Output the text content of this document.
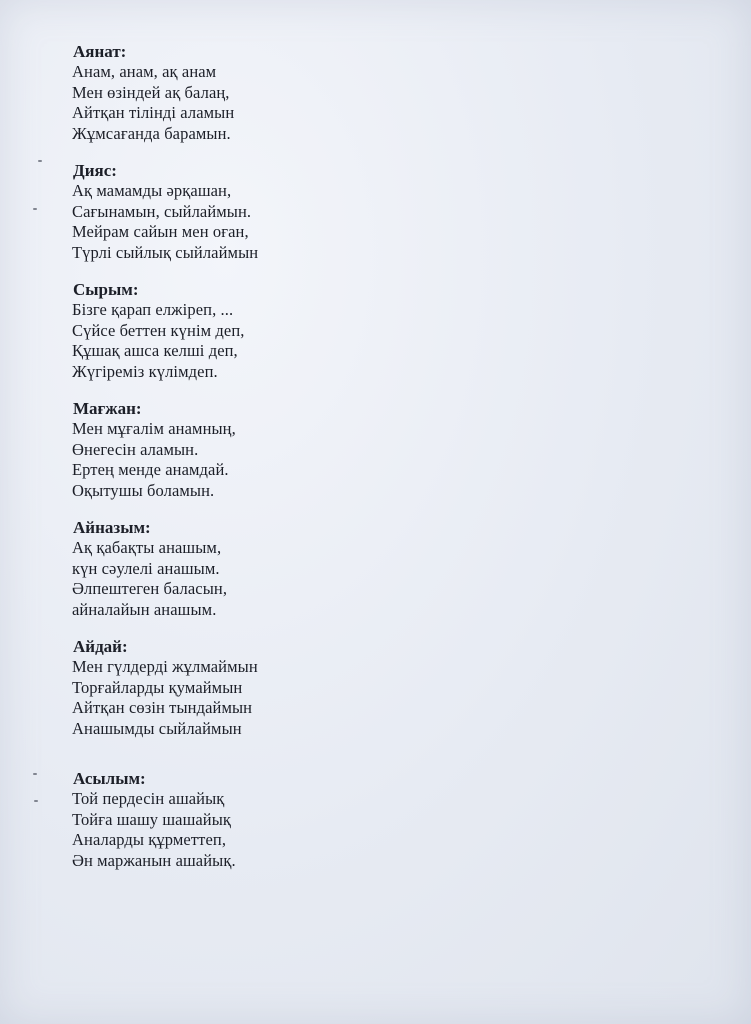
Аянат:
Анам, анам, ақ анам
Мен өзіндей ақ балаң,
Айтқан тілінді аламын
Жұмсағанда барамын.
Дияс:
Ақ мамамды әрқашан,
Сағынамын, сыйлаймын.
Мейрам сайын мен оған,
Түрлі сыйлық сыйлаймын
Сырым:
Бізге қарап елжіреп, ...
Сүйсе беттен күнім деп,
Құшақ ашса келші деп,
Жүгіреміз күлімдеп.
Мағжан:
Мен мұғалім анамның,
Өнегесін аламын.
Ертең менде анамдай.
Оқытушы боламын.
Айназым:
Ақ қабақты анашым,
күн сәулелі анашым.
Әлпештеген баласын,
айналайын анашым.
Айдай:
Мен гүлдерді жұлмаймын
Торғайларды қумаймын
Айтқан сөзін тындаймын
Анашымды сыйлаймын
Асылым:
Той пердесін ашайық
Тойға шашу шашайық
Аналарды құрметтеп,
Ән маржанын ашайық.
